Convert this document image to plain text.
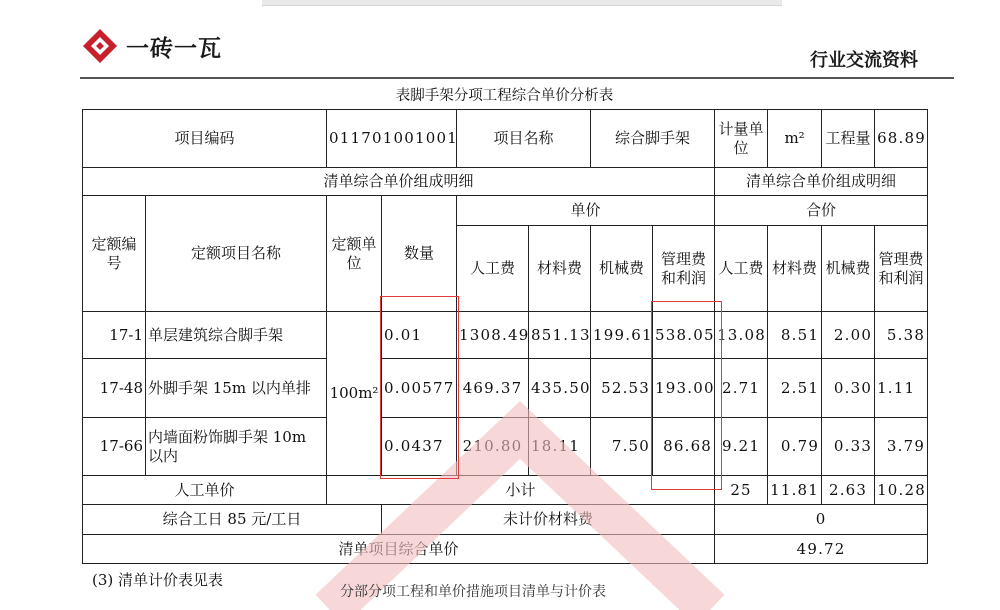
一砖一瓦	行业交流资料
表脚手架分项工程综合单价分析表
项目编码		011701001001		项目名称		综合脚手架		计量单位	m²	工程量	68.89
清单综合单价组成明细								清单综合单价组成明细			
定额编号	定额项目名称	定额单位	数量	单价				合价			
				人工费	材料费	机械费	管理费和利润	人工费	材料费	机械费	管理费和利润
17-1	单层建筑综合脚手架	100m²	0.01	1308.49	851.13	199.61	538.05	13.08	8.51	2.00	5.38
17-48	外脚手架 15m 以内单排		0.00577	469.37	435.50	52.53	193.00	2.71	2.51	0.30	1.11
17-66	内墙面粉饰脚手架 10m 以内		0.0437	210.80	18.11	7.50	86.68	9.21	0.79	0.33	3.79
人工单价		小计						25	11.81	2.63	10.28
综合工日 85 元/工日			未计价材料费					0			
清单项目综合单价								49.72			
(3) 清单计价表见表
分部分项工程和单价措施项目清单与计价表
